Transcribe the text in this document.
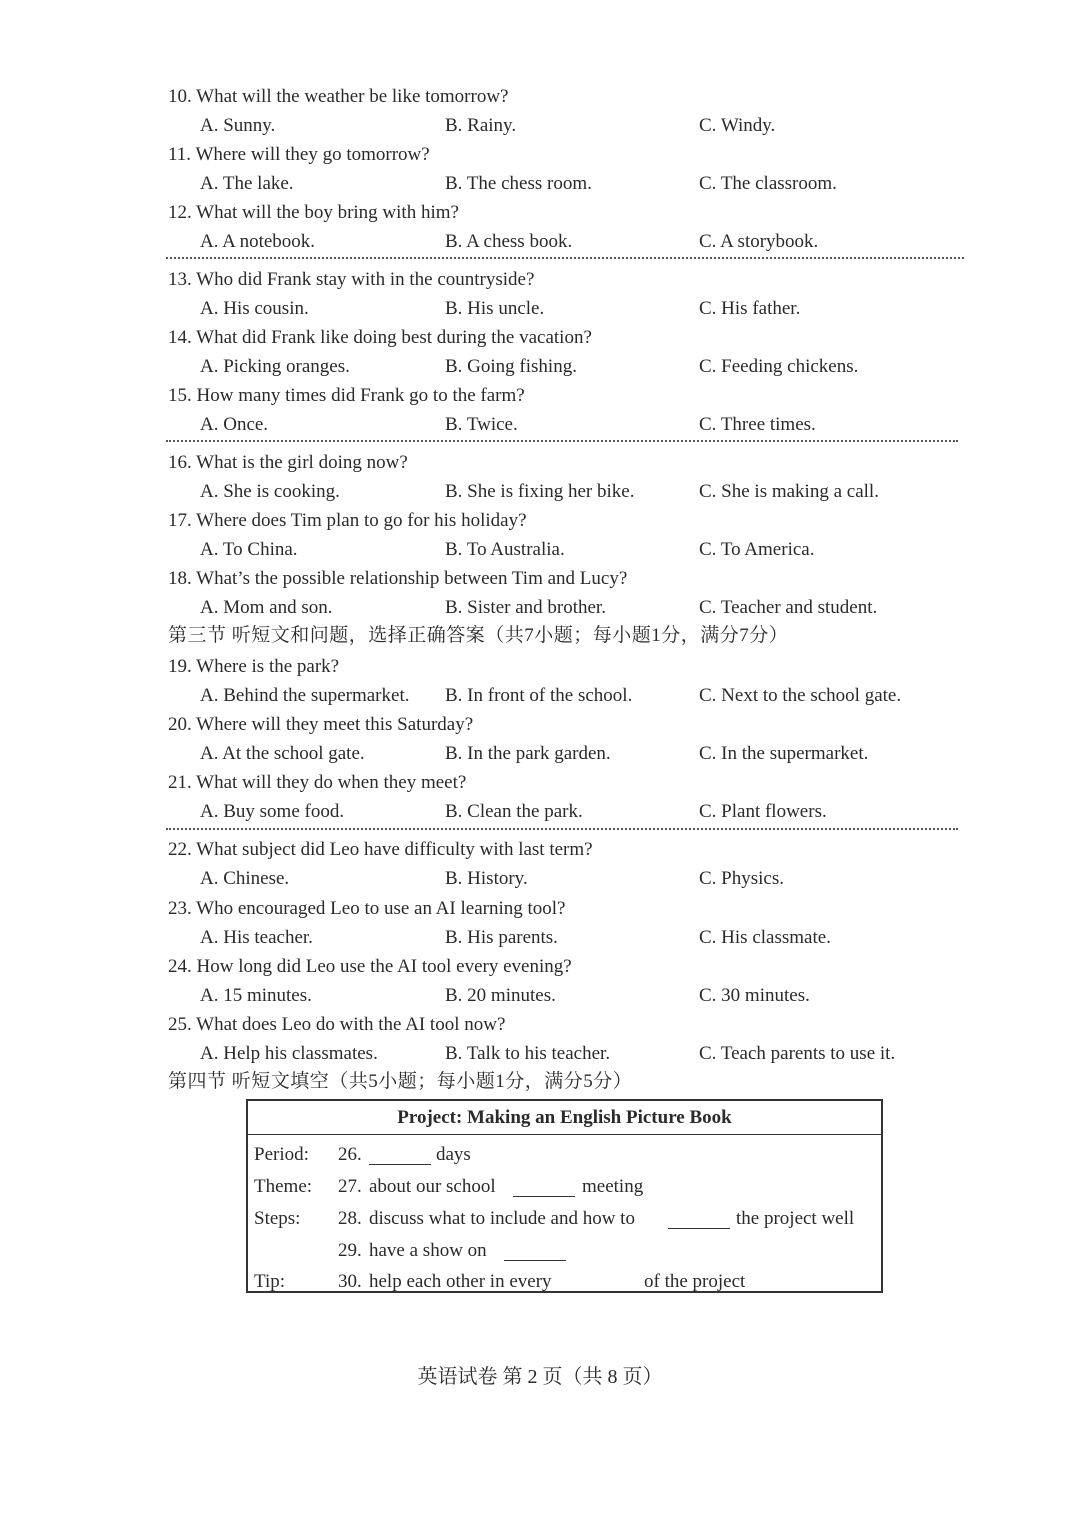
10. What will the weather be like tomorrow?
A. Sunny.	B. Rainy.	C. Windy.
11. Where will they go tomorrow?
A. The lake.	B. The chess room.	C. The classroom.
12. What will the boy bring with him?
A. A notebook.	B. A chess book.	C. A storybook.
13. Who did Frank stay with in the countryside?
A. His cousin.	B. His uncle.	C. His father.
14. What did Frank like doing best during the vacation?
A. Picking oranges.	B. Going fishing.	C. Feeding chickens.
15. How many times did Frank go to the farm?
A. Once.	B. Twice.	C. Three times.
16. What is the girl doing now?
A. She is cooking.	B. She is fixing her bike.	C. She is making a call.
17. Where does Tim plan to go for his holiday?
A. To China.	B. To Australia.	C. To America.
18. What’s the possible relationship between Tim and Lucy?
A. Mom and son.	B. Sister and brother.	C. Teacher and student.
19. Where is the park?
A. Behind the supermarket. B. In front of the school.	C. Next to the school gate.
20. Where will they meet this Saturday?
A. At the school gate.	B. In the park garden.	C. In the supermarket.
21. What will they do when they meet?
A. Buy some food.	B. Clean the park.	C. Plant flowers.
22. What subject did Leo have difficulty with last term?
A. Chinese.	B. History.	C. Physics.
23. Who encouraged Leo to use an AI learning tool?
A. His teacher.	B. His parents.	C. His classmate.
24. How long did Leo use the AI tool every evening?
A. 15 minutes.	B. 20 minutes.	C. 30 minutes.
25. What does Leo do with the AI tool now?
A. Help his classmates.	B. Talk to his teacher.	C. Teach parents to use it.
第三节 听短文和问题，选择正确答案（共7小题；每小题1分，满分7分）
第四节 听短文填空（共5小题；每小题1分，满分5分）
Project: Making an English Picture Book
Period: 26.	days
Theme: 27. about our school	meeting
Steps: 28. discuss what to include and how to	the project well
29. have a show on
Tip:	30. help each other in every	of the project
英语试卷 第 2 页（共 8 页）
